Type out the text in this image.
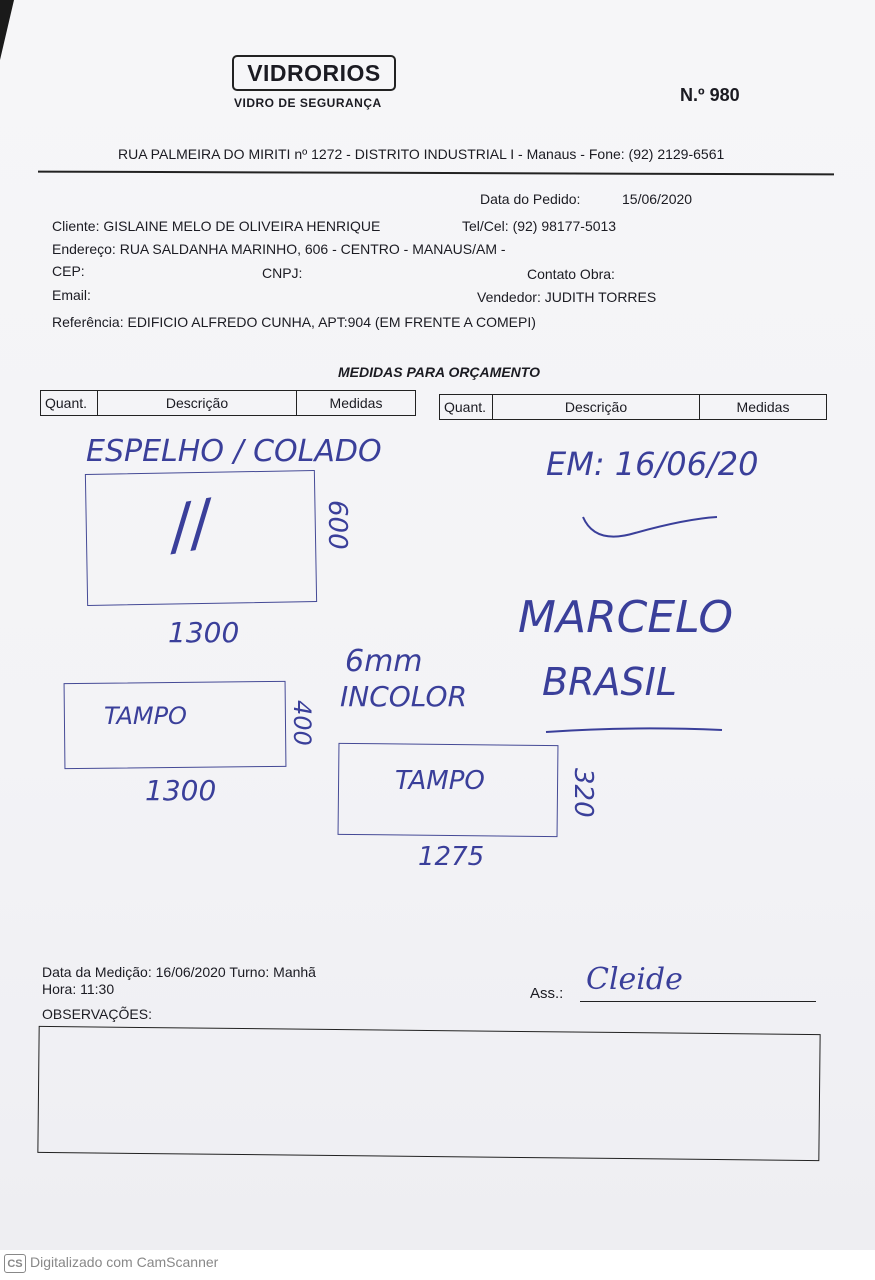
VIDRORIOS
VIDRO DE SEGURANÇA	N.º 980
RUA PALMEIRA DO MIRITI nº 1272 - DISTRITO INDUSTRIAL I - Manaus - Fone: (92) 2129-6561
Data do Pedido:	15/06/2020
Cliente: GISLAINE MELO DE OLIVEIRA HENRIQUE	Tel/Cel: (92) 98177-5013
Endereço: RUA SALDANHA MARINHO, 606 - CENTRO - MANAUS/AM -
CEP:	CNPJ:	Contato Obra:
Email:	Vendedor: JUDITH TORRES
Referência: EDIFICIO ALFREDO CUNHA, APT:904 (EM FRENTE A COMEPI)
MEDIDAS PARA ORÇAMENTO
Quant.	Descrição	Medidas	Quant.	Descrição	Medidas
ESPELHO / COLADO
//	600
1300
6mm
INCOLOR
TAMPO	400
1300	TAMPO	320
1275
EM: 16/06/20
MARCELO
BRASIL
Data da Medição: 16/06/2020 Turno: Manhã
Hora: 11:30	Ass.: Cleide
OBSERVAÇÕES:
CS Digitalizado com CamScanner
